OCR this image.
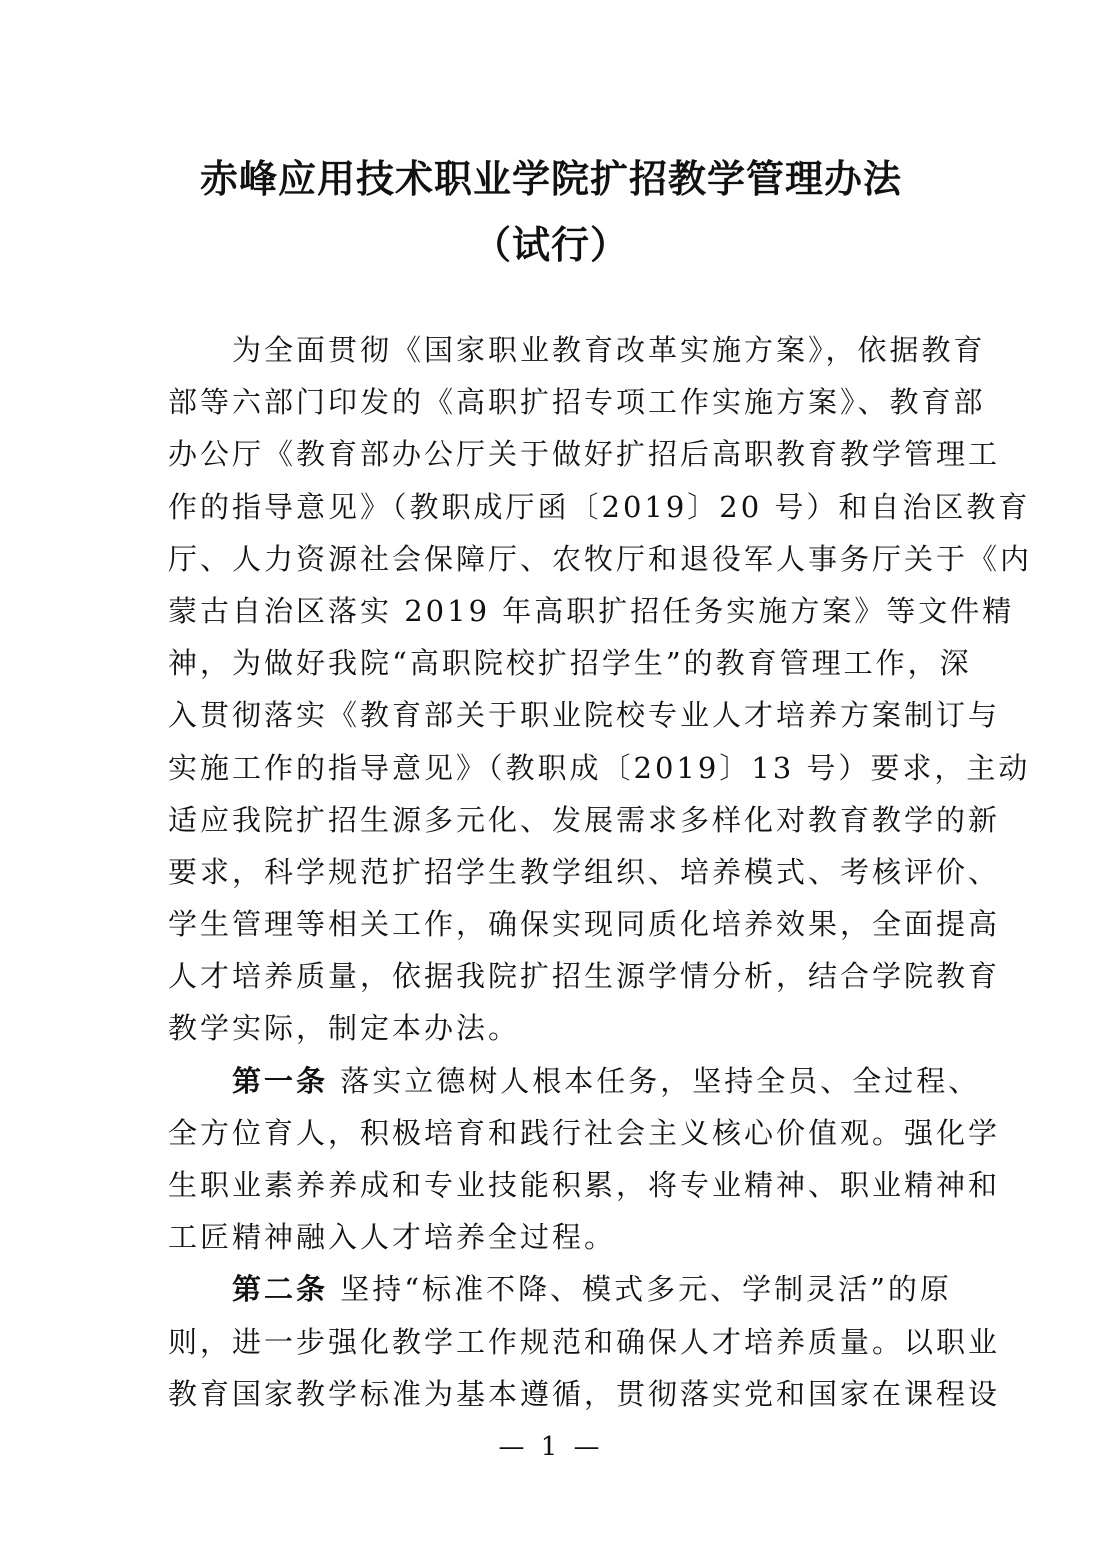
赤峰应用技术职业学院扩招教学管理办法
（试行）
　　为全面贯彻《国家职业教育改革实施方案》，依据教育
部等六部门印发的《高职扩招专项工作实施方案》、教育部
办公厅《教育部办公厅关于做好扩招后高职教育教学管理工
作的指导意见》（教职成厅函〔2019〕20 号）和自治区教育
厅、人力资源社会保障厅、农牧厅和退役军人事务厅关于《内
蒙古自治区落实 2019 年高职扩招任务实施方案》等文件精
神，为做好我院“高职院校扩招学生”的教育管理工作，深
入贯彻落实《教育部关于职业院校专业人才培养方案制订与
实施工作的指导意见》（教职成〔2019〕13 号）要求，主动
适应我院扩招生源多元化、发展需求多样化对教育教学的新
要求，科学规范扩招学生教学组织、培养模式、考核评价、
学生管理等相关工作，确保实现同质化培养效果，全面提高
人才培养质量，依据我院扩招生源学情分析，结合学院教育
教学实际，制定本办法。
　　第一条 落实立德树人根本任务，坚持全员、全过程、
全方位育人，积极培育和践行社会主义核心价值观。强化学
生职业素养养成和专业技能积累，将专业精神、职业精神和
工匠精神融入人才培养全过程。
　　第二条 坚持“标准不降、模式多元、学制灵活”的原
则，进一步强化教学工作规范和确保人才培养质量。以职业
教育国家教学标准为基本遵循，贯彻落实党和国家在课程设
— 1 —
